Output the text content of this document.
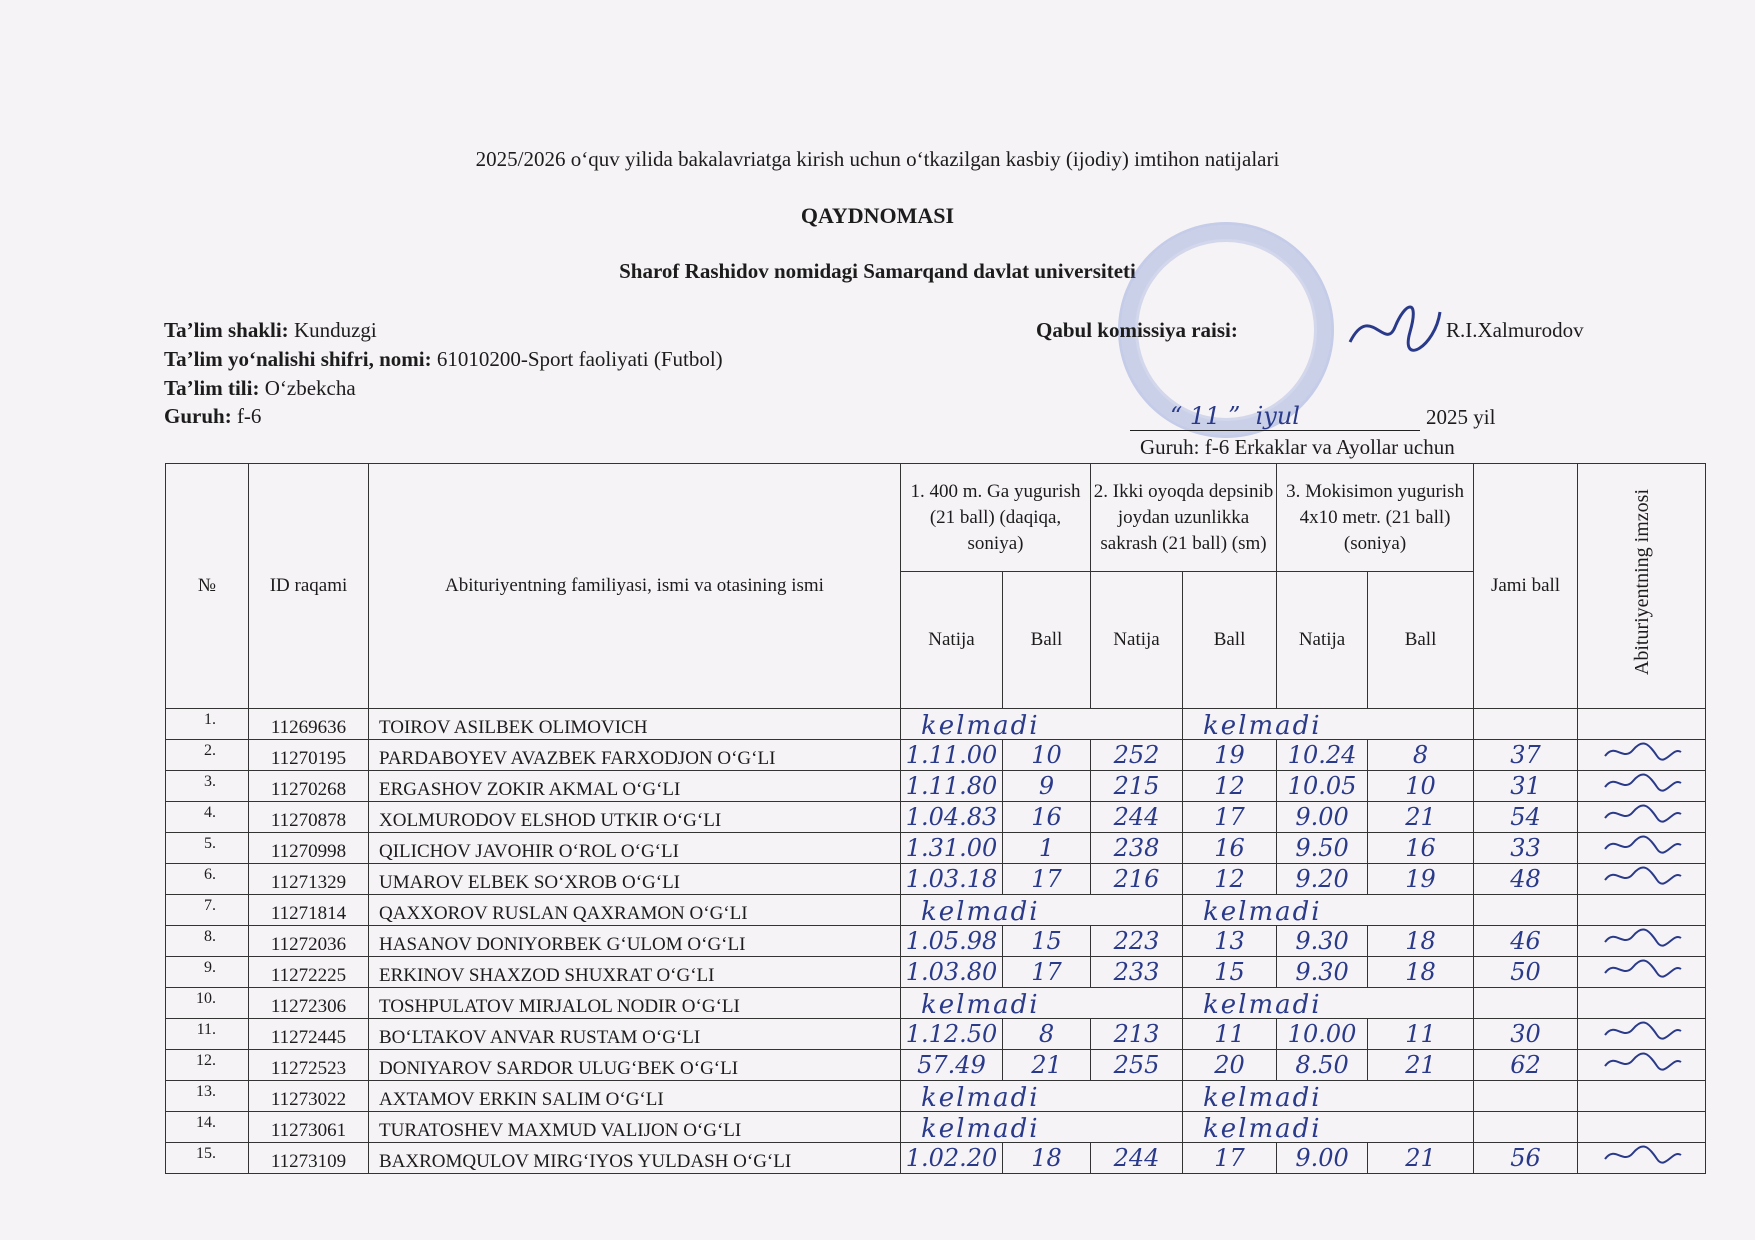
2025/2026 o‘quv yilida bakalavriatga kirish uchun o‘tkazilgan kasbiy (ijodiy) imtihon natijalari
QAYDNOMASI
Sharof Rashidov nomidagi Samarqand davlat universiteti
Ta’lim shakli: Kunduzgi
Ta’lim yo‘nalishi shifri, nomi: 61010200-Sport faoliyati (Futbol)
Ta’lim tili: O‘zbekcha
Guruh: f-6
Qabul komissiya raisi:	R.I.Xalmurodov

“ 11 ” iyul	2025 yil
Guruh: f-6 Erkaklar va Ayollar uchun
№	ID raqami	Abituriyentning familiyasi, ismi va otasining ismi	1. 400 m. Ga yugurish (21 ball) (daqiqa, soniya)		2. Ikki oyoqda depsinib joydan uzunlikka sakrash (21 ball) (sm)		3. Mokisimon yugurish 4x10 metr. (21 ball) (soniya)		Jami ball	Abituriyentning imzosi
			Natija	Ball	Natija	Ball	Natija	Ball		
1.	11269636	TOIROV ASILBEK OLIMOVICH	kelmadi			kelmadi				

2.	11270195	PARDABOYEV AVAZBEK FARXODJON O‘G‘LI	1.11.00	10	252	19	10.24	8	37	
3.	11270268	ERGASHOV ZOKIR AKMAL O‘G‘LI	1.11.80	9	215	12	10.05	10	31	
4.	11270878	XOLMURODOV ELSHOD UTKIR O‘G‘LI	1.04.83	16	244	17	9.00	21	54	
5.	11270998	QILICHOV JAVOHIR O‘ROL O‘G‘LI	1.31.00	1	238	16	9.50	16	33	
6.	11271329	UMAROV ELBEK SO‘XROB O‘G‘LI	1.03.18	17	216	12	9.20	19	48	
7.	11271814	QAXXOROV RUSLAN QAXRAMON O‘G‘LI	kelmadi			kelmadi				

8.	11272036	HASANOV DONIYORBEK G‘ULOM O‘G‘LI	1.05.98	15	223	13	9.30	18	46	
9.	11272225	ERKINOV SHAXZOD SHUXRAT O‘G‘LI	1.03.80	17	233	15	9.30	18	50	
10.	11272306	TOSHPULATOV MIRJALOL NODIR O‘G‘LI	kelmadi			kelmadi				

11.	11272445	BO‘LTAKOV ANVAR RUSTAM O‘G‘LI	1.12.50	8	213	11	10.00	11	30	
12.	11272523	DONIYAROV SARDOR ULUG‘BEK O‘G‘LI	57.49	21	255	20	8.50	21	62	
13.	11273022	AXTAMOV ERKIN SALIM O‘G‘LI	kelmadi			kelmadi				

14.	11273061	TURATOSHEV MAXMUD VALIJON O‘G‘LI	kelmadi			kelmadi				

15.	11273109	BAXROMQULOV MIRG‘IYOS YULDASH O‘G‘LI	1.02.20	18	244	17	9.00	21	56	
